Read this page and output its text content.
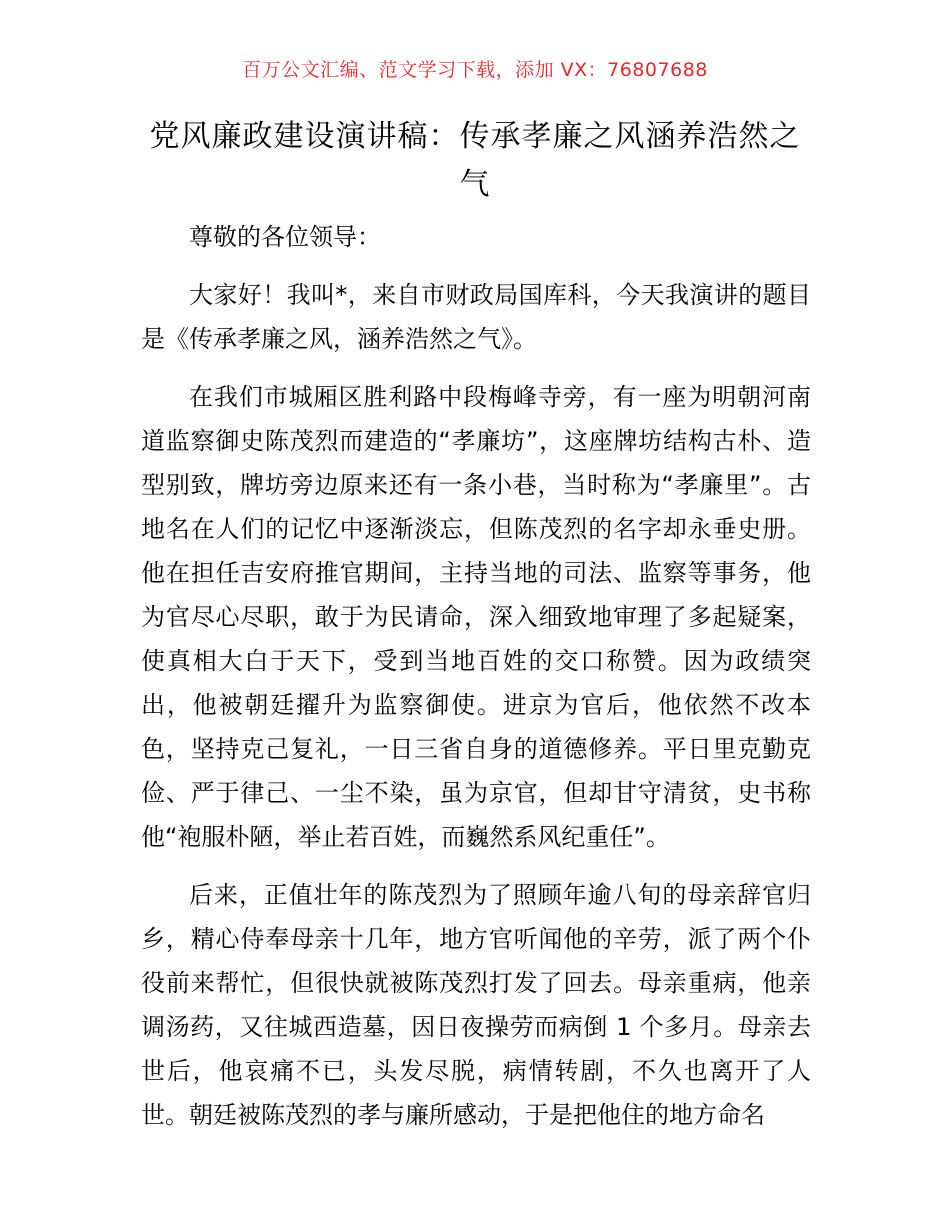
百万公文汇编、范文学习下载，添加 VX：76807688
党风廉政建设演讲稿：传承孝廉之风涵养浩然之气

尊敬的各位领导：

大家好！我叫*，来自市财政局国库科，今天我演讲的题目是《传承孝廉之风，涵养浩然之气》。

在我们市城厢区胜利路中段梅峰寺旁，有一座为明朝河南道监察御史陈茂烈而建造的“孝廉坊”，这座牌坊结构古朴、造型别致，牌坊旁边原来还有一条小巷，当时称为“孝廉里”。古地名在人们的记忆中逐渐淡忘，但陈茂烈的名字却永垂史册。他在担任吉安府推官期间，主持当地的司法、监察等事务，他为官尽心尽职，敢于为民请命，深入细致地审理了多起疑案，使真相大白于天下，受到当地百姓的交口称赞。因为政绩突出，他被朝廷擢升为监察御使。进京为官后，他依然不改本色，坚持克己复礼，一日三省自身的道德修养。平日里克勤克俭、严于律己、一尘不染，虽为京官，但却甘守清贫，史书称他“袍服朴陋，举止若百姓，而巍然系风纪重任”。

后来，正值壮年的陈茂烈为了照顾年逾八旬的母亲辞官归乡，精心侍奉母亲十几年，地方官听闻他的辛劳，派了两个仆役前来帮忙，但很快就被陈茂烈打发了回去。母亲重病，他亲调汤药，又往城西造墓，因日夜操劳而病倒 1 个多月。母亲去世后，他哀痛不已，头发尽脱，病情转剧，不久也离开了人世。朝廷被陈茂烈的孝与廉所感动，于是把他住的地方命名
